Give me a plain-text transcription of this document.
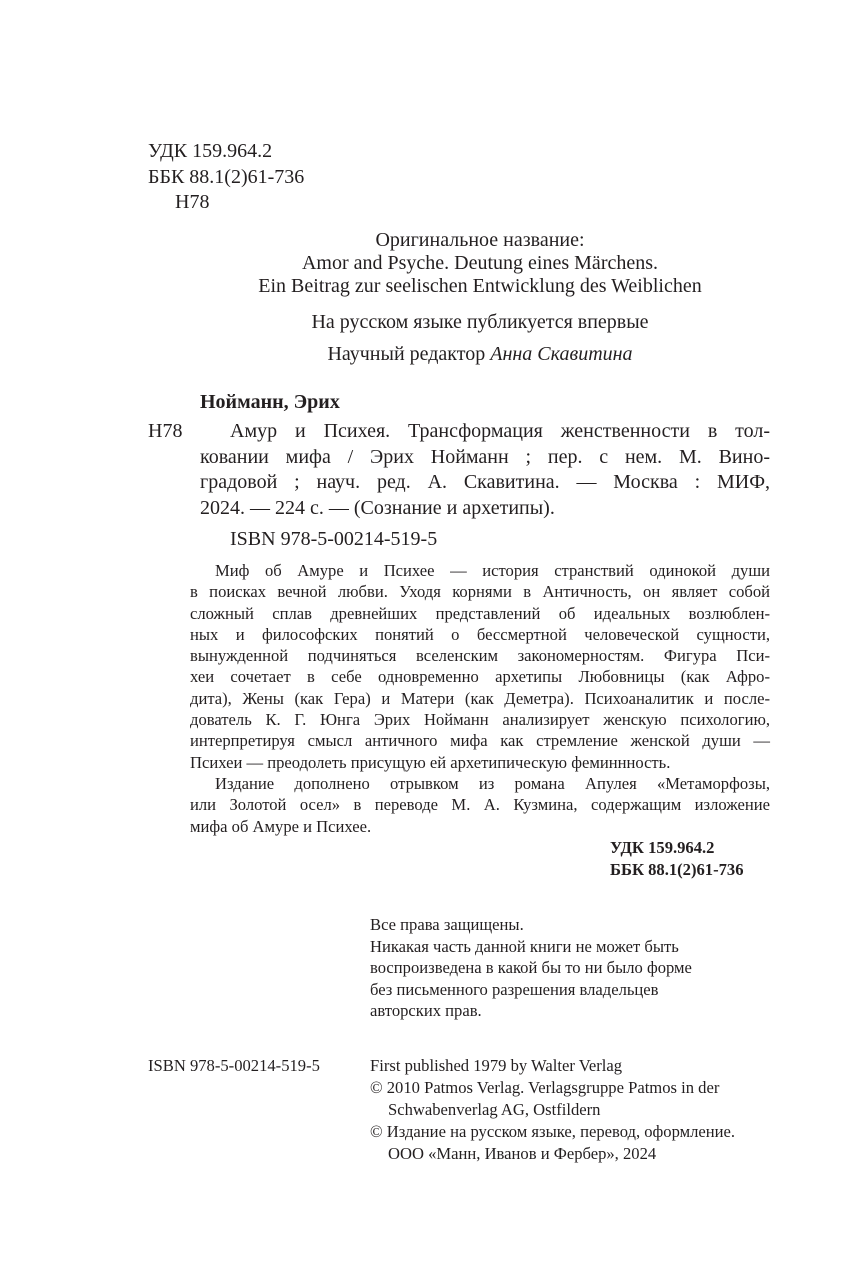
УДК 159.964.2
ББК 88.1(2)61-736
Н78
Оригинальное название:
Amor and Psyche. Deutung eines Märchens.
Ein Beitrag zur seelischen Entwicklung des Weiblichen
На русском языке публикуется впервые
Научный редактор Анна Скавитина
Нойманн, Эрих
Н78	Амур и Психея. Трансформация женственности в тол-
ковании мифа / Эрих Нойманн ; пер. с нем. М. Вино-
градовой ; науч. ред. А. Скавитина. — Москва : МИФ,
2024. — 224 с. — (Сознание и архетипы).
ISBN 978-5-00214-519-5
Миф об Амуре и Психее — история странствий одинокой души
в поисках вечной любви. Уходя корнями в Античность, он являет собой
сложный сплав древнейших представлений об идеальных возлюблен-
ных и философских понятий о бессмертной человеческой сущности,
вынужденной подчиняться вселенским закономерностям. Фигура Пси-
хеи сочетает в себе одновременно архетипы Любовницы (как Афро-
дита), Жены (как Гера) и Матери (как Деметра). Психоаналитик и после-
дователь К. Г. Юнга Эрих Нойманн анализирует женскую психологию,
интерпретируя смысл античного мифа как стремление женской души —
Психеи — преодолеть присущую ей архетипическую феминнность.
Издание дополнено отрывком из романа Апулея «Метаморфозы,
или Золотой осел» в переводе М. А. Кузмина, содержащим изложение
мифа об Амуре и Психее.
УДК 159.964.2
ББК 88.1(2)61-736
Все права защищены.
Никакая часть данной книги не может быть
воспроизведена в какой бы то ни было форме
без письменного разрешения владельцев
авторских прав.
ISBN 978-5-00214-519-5	First published 1979 by Walter Verlag
© 2010 Patmos Verlag. Verlagsgruppe Patmos in der
Schwabenverlag AG, Ostfildern
© Издание на русском языке, перевод, оформление.
ООО «Манн, Иванов и Фербер», 2024
